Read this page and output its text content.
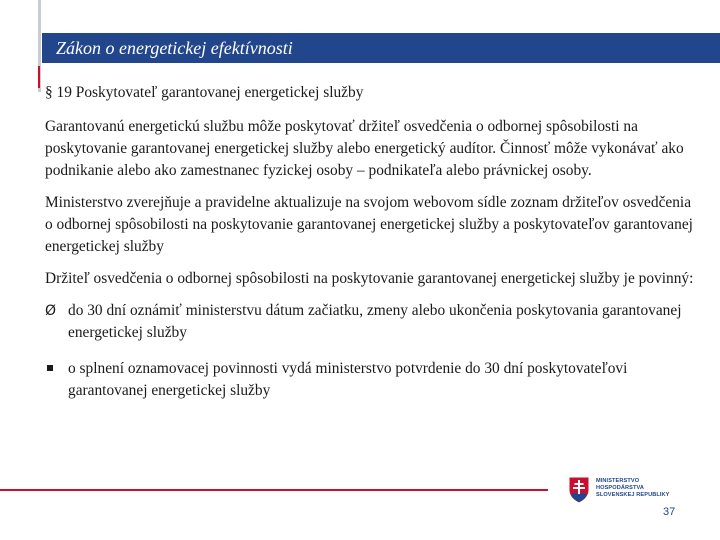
Zákon o energetickej efektívnosti

§ 19 Poskytovateľ garantovanej energetickej služby

Garantovanú energetickú službu môže poskytovať držiteľ osvedčenia o odbornej spôsobilosti na poskytovanie garantovanej energetickej služby alebo energetický audítor. Činnosť môže vykonávať ako podnikanie alebo ako zamestnanec fyzickej osoby – podnikateľa alebo právnickej osoby.

Ministerstvo zverejňuje a pravidelne aktualizuje na svojom webovom sídle zoznam držiteľov osvedčenia o odbornej spôsobilosti na poskytovanie garantovanej energetickej služby a poskytovateľov garantovanej energetickej služby

Držiteľ osvedčenia o odbornej spôsobilosti na poskytovanie garantovanej energetickej služby je povinný:

Ø do 30 dní oznámiť ministerstvu dátum začiatku, zmeny alebo ukončenia poskytovania garantovanej energetickej služby
o splnení oznamovacej povinnosti vydá ministerstvo potvrdenie do 30 dní poskytovateľovi garantovanej energetickej služby
MINISTERSTVO
HOSPODÁRSTVA
SLOVENSKEJ REPUBLIKY
37
